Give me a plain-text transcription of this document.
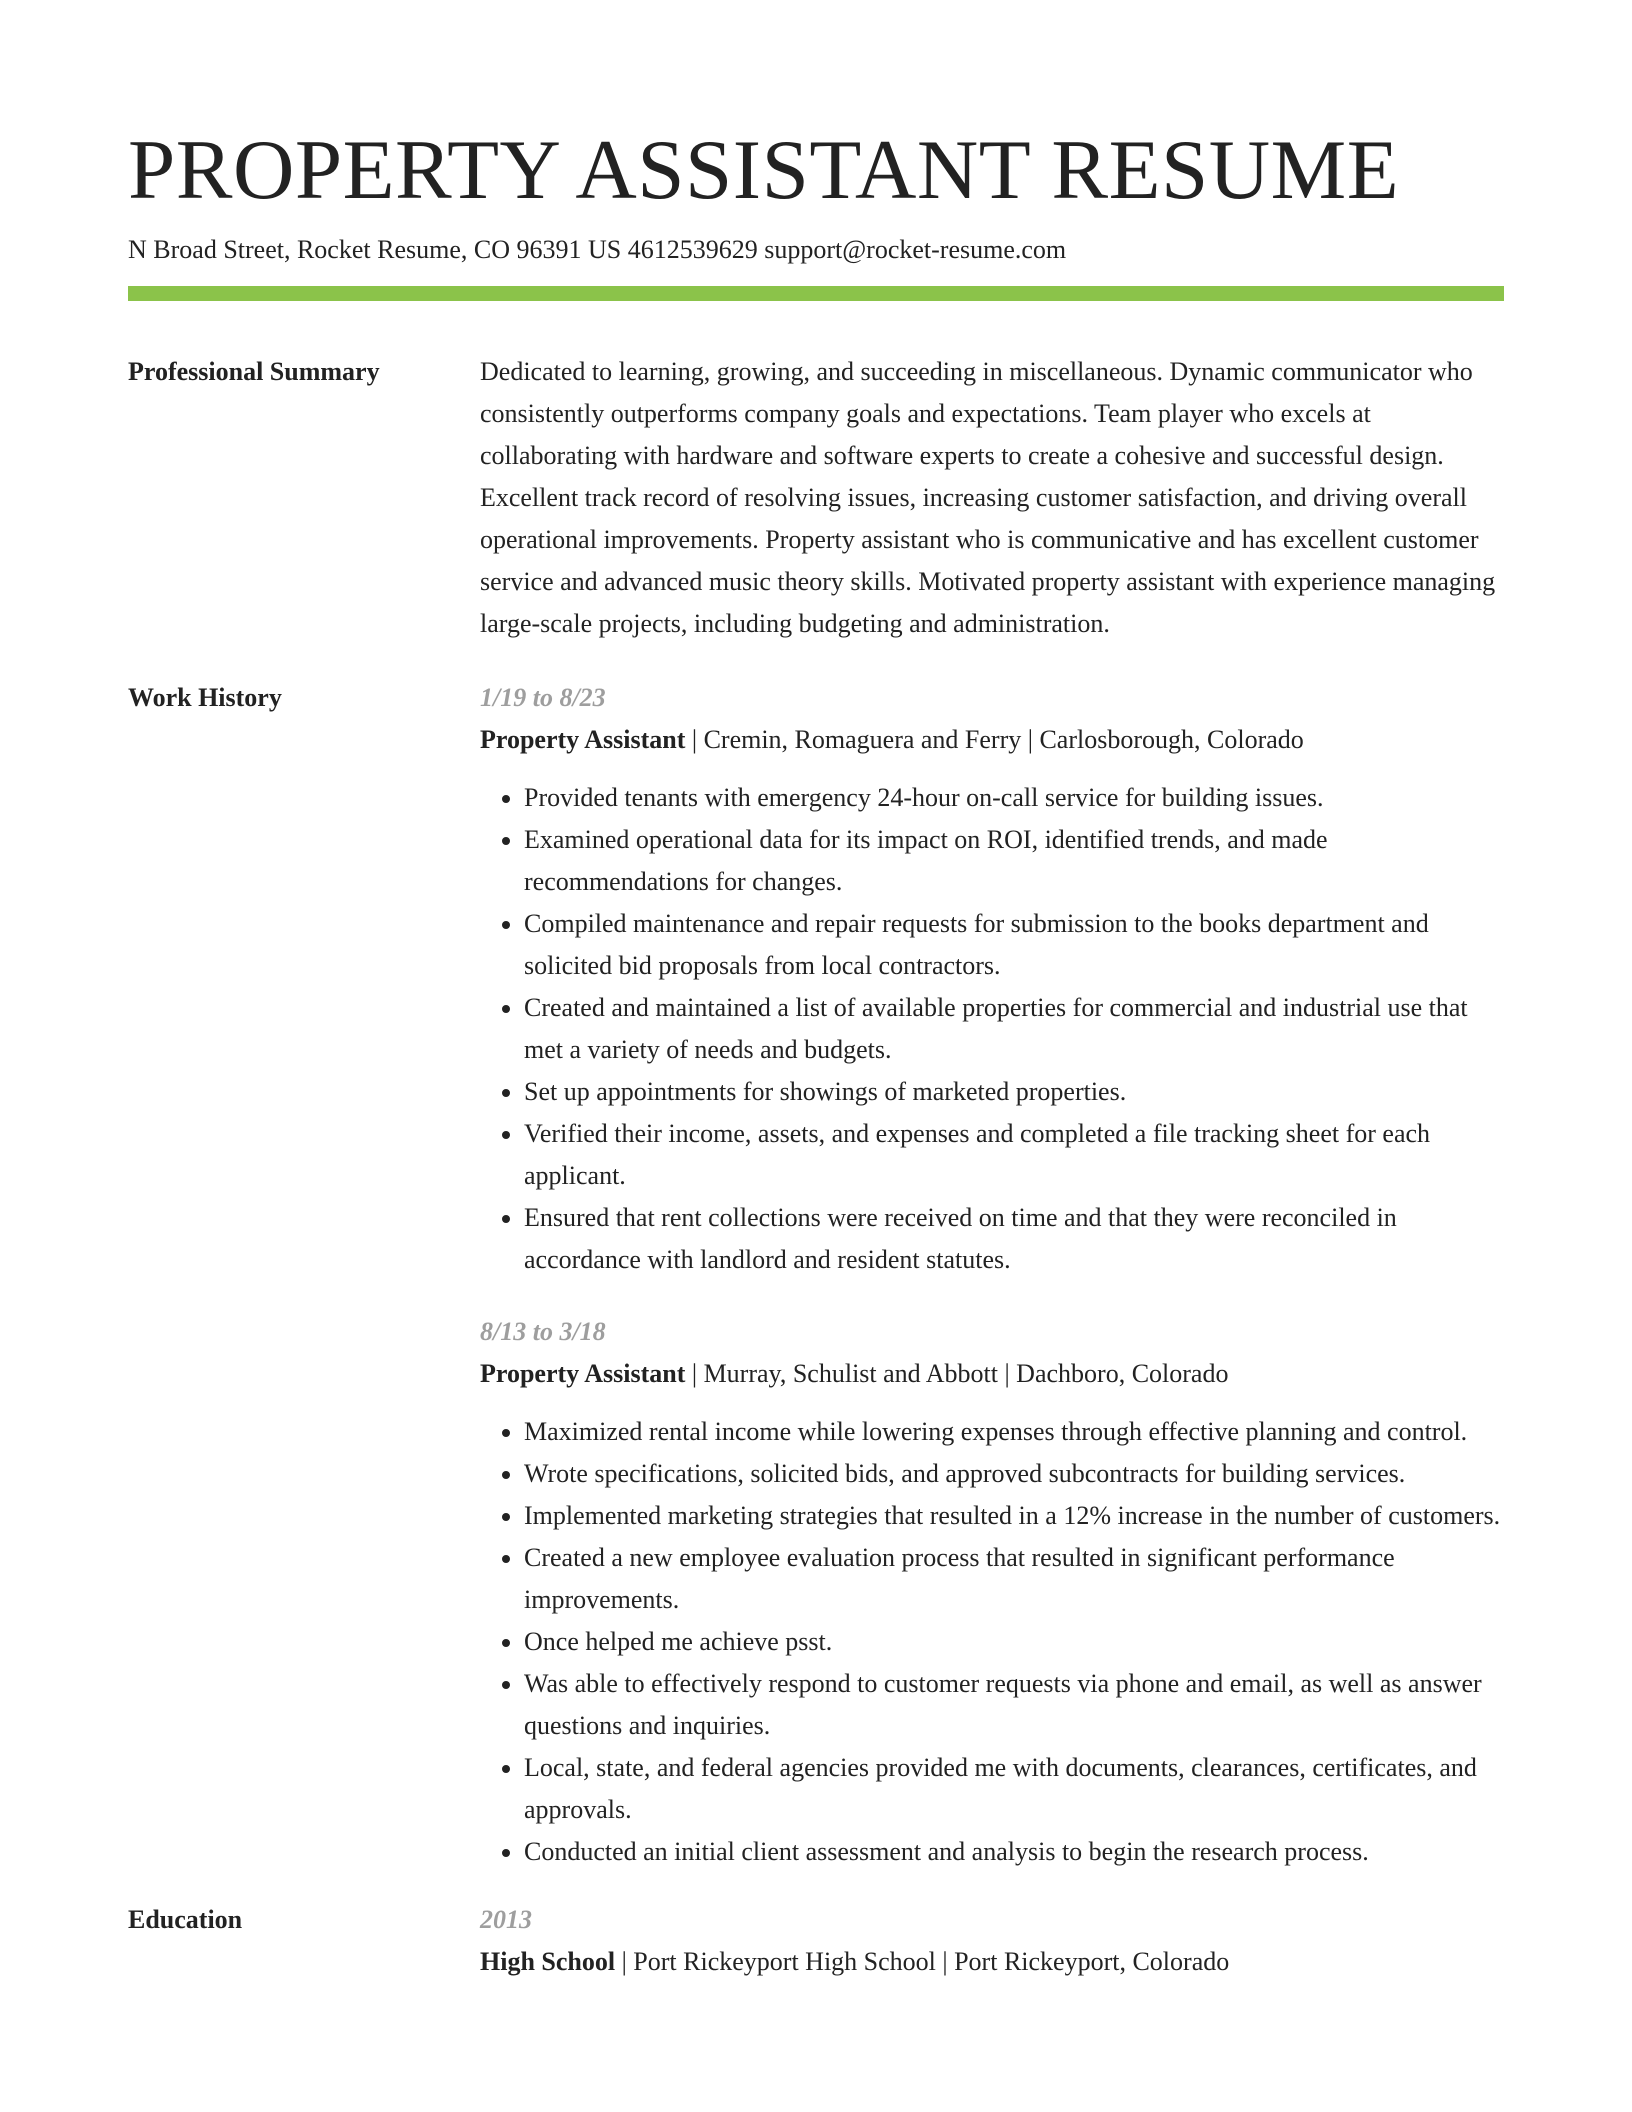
PROPERTY ASSISTANT RESUME
N Broad Street, Rocket Resume, CO 96391 US 4612539629 support@rocket-resume.com
Professional Summary	Dedicated to learning, growing, and succeeding in miscellaneous. Dynamic communicator who consistently outperforms company goals and expectations. Team player who excels at collaborating with hardware and software experts to create a cohesive and successful design. Excellent track record of resolving issues, increasing customer satisfaction, and driving overall operational improvements. Property assistant who is communicative and has excellent customer service and advanced music theory skills. Motivated property assistant with experience managing large-scale projects, including budgeting and administration.

Work History	1/19 to 8/23
Property Assistant | Cremin, Romaguera and Ferry | Carlosborough, Colorado
• Provided tenants with emergency 24-hour on-call service for building issues.
• Examined operational data for its impact on ROI, identified trends, and made recommendations for changes.
• Compiled maintenance and repair requests for submission to the books department and solicited bid proposals from local contractors.
• Created and maintained a list of available properties for commercial and industrial use that met a variety of needs and budgets.
• Set up appointments for showings of marketed properties.
• Verified their income, assets, and expenses and completed a file tracking sheet for each applicant.
• Ensured that rent collections were received on time and that they were reconciled in accordance with landlord and resident statutes.
8/13 to 3/18
Property Assistant | Murray, Schulist and Abbott | Dachboro, Colorado
• Maximized rental income while lowering expenses through effective planning and control.
• Wrote specifications, solicited bids, and approved subcontracts for building services.
• Implemented marketing strategies that resulted in a 12% increase in the number of customers.
• Created a new employee evaluation process that resulted in significant performance improvements.
• Once helped me achieve psst.
• Was able to effectively respond to customer requests via phone and email, as well as answer questions and inquiries.
• Local, state, and federal agencies provided me with documents, clearances, certificates, and approvals.
• Conducted an initial client assessment and analysis to begin the research process.
Education	2013
High School | Port Rickeyport High School | Port Rickeyport, Colorado
